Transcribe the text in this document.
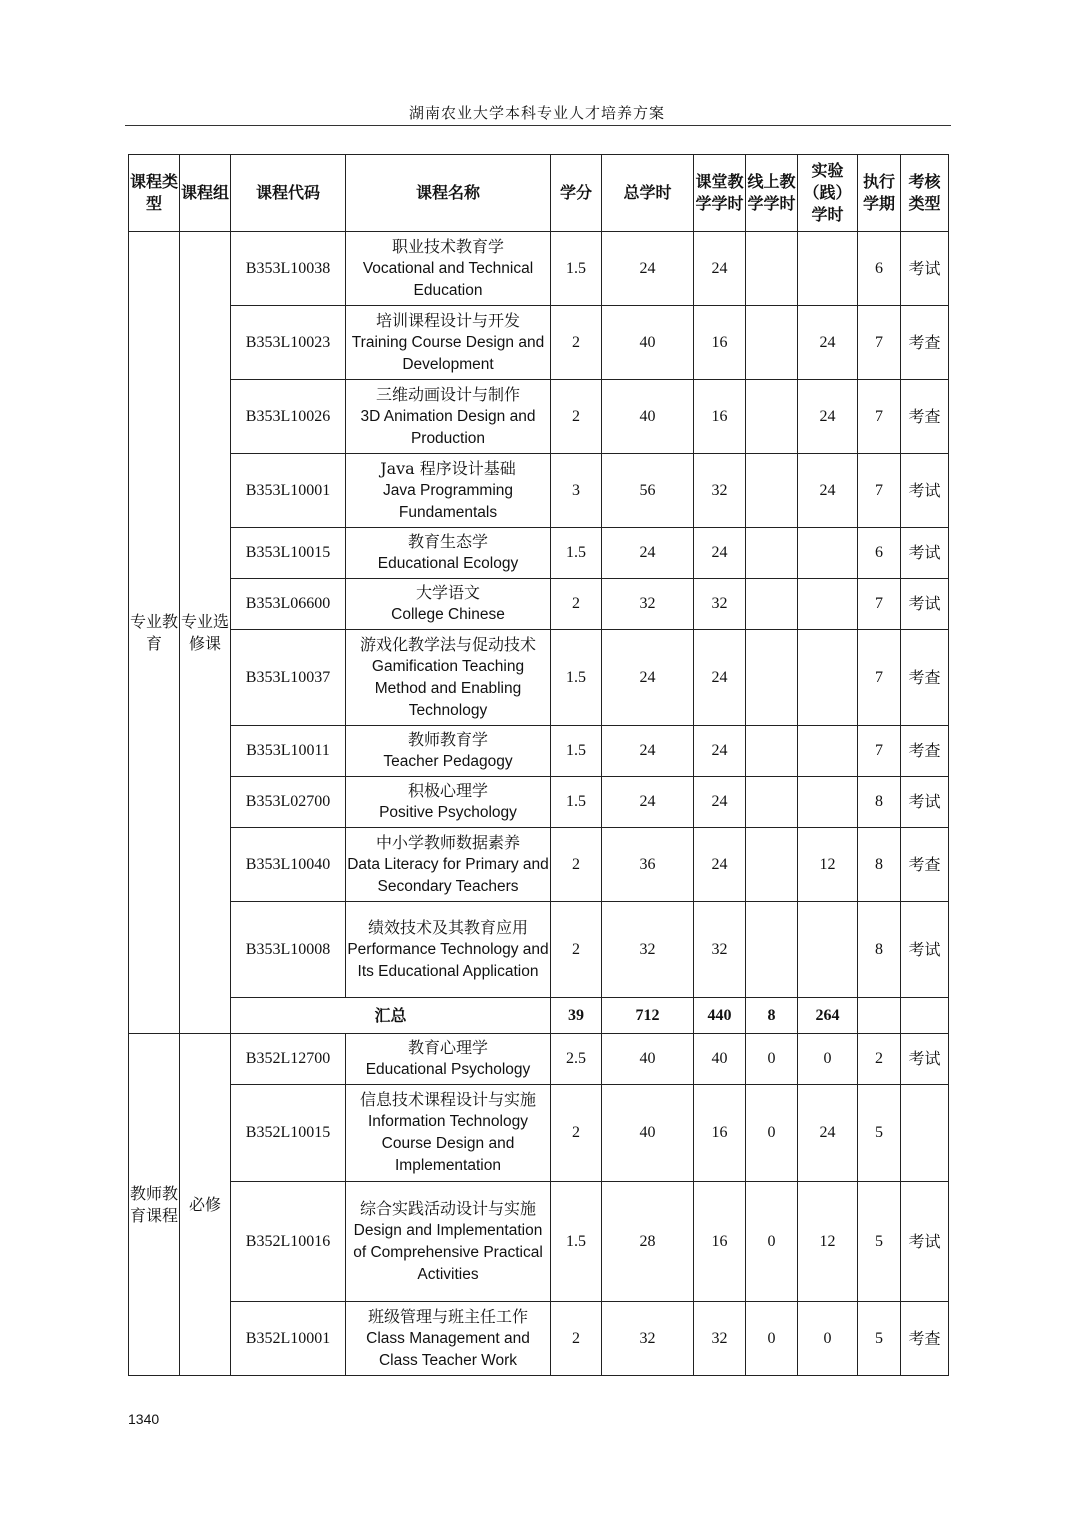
湖南农业大学本科专业人才培养方案
课程类型	课程组	课程代码	课程名称	学分	总学时	课堂教学学时	线上教学学时	实验（践）学时	执行学期	考核类型
专业教育	专业选修课	B353L10038	职业技术教育学
Vocational and Technical Education	1.5	24	24			6	考试
		B353L10023	培训课程设计与开发
Training Course Design and Development	2	40	16		24	7	考查
		B353L10026	三维动画设计与制作
3D Animation Design and Production	2	40	16		24	7	考查
		B353L10001	Java 程序设计基础
Java Programming Fundamentals	3	56	32		24	7	考试
		B353L10015	教育生态学
Educational Ecology	1.5	24	24			6	考试
		B353L06600	大学语文
College Chinese	2	32	32			7	考试
		B353L10037	游戏化教学法与促动技术
Gamification Teaching Method and Enabling Technology	1.5	24	24			7	考查
		B353L10011	教师教育学
Teacher Pedagogy	1.5	24	24			7	考查
		B353L02700	积极心理学
Positive Psychology	1.5	24	24			8	考试
		B353L10040	中小学教师数据素养
Data Literacy for Primary and Secondary Teachers	2	36	24		12	8	考查
		B353L10008	绩效技术及其教育应用
Performance Technology and Its Educational Application	2	32	32			8	考试
		汇总		39	712	440	8	264		
教师教育课程	必修	B352L12700	教育心理学
Educational Psychology	2.5	40	40	0	0	2	考试
		B352L10015	信息技术课程设计与实施
Information Technology Course Design and Implementation	2	40	16	0	24	5	
		B352L10016	综合实践活动设计与实施
Design and Implementation of Comprehensive Practical Activities	1.5	28	16	0	12	5	考试
		B352L10001	班级管理与班主任工作
Class Management and Class Teacher Work	2	32	32	0	0	5	考查
1340
